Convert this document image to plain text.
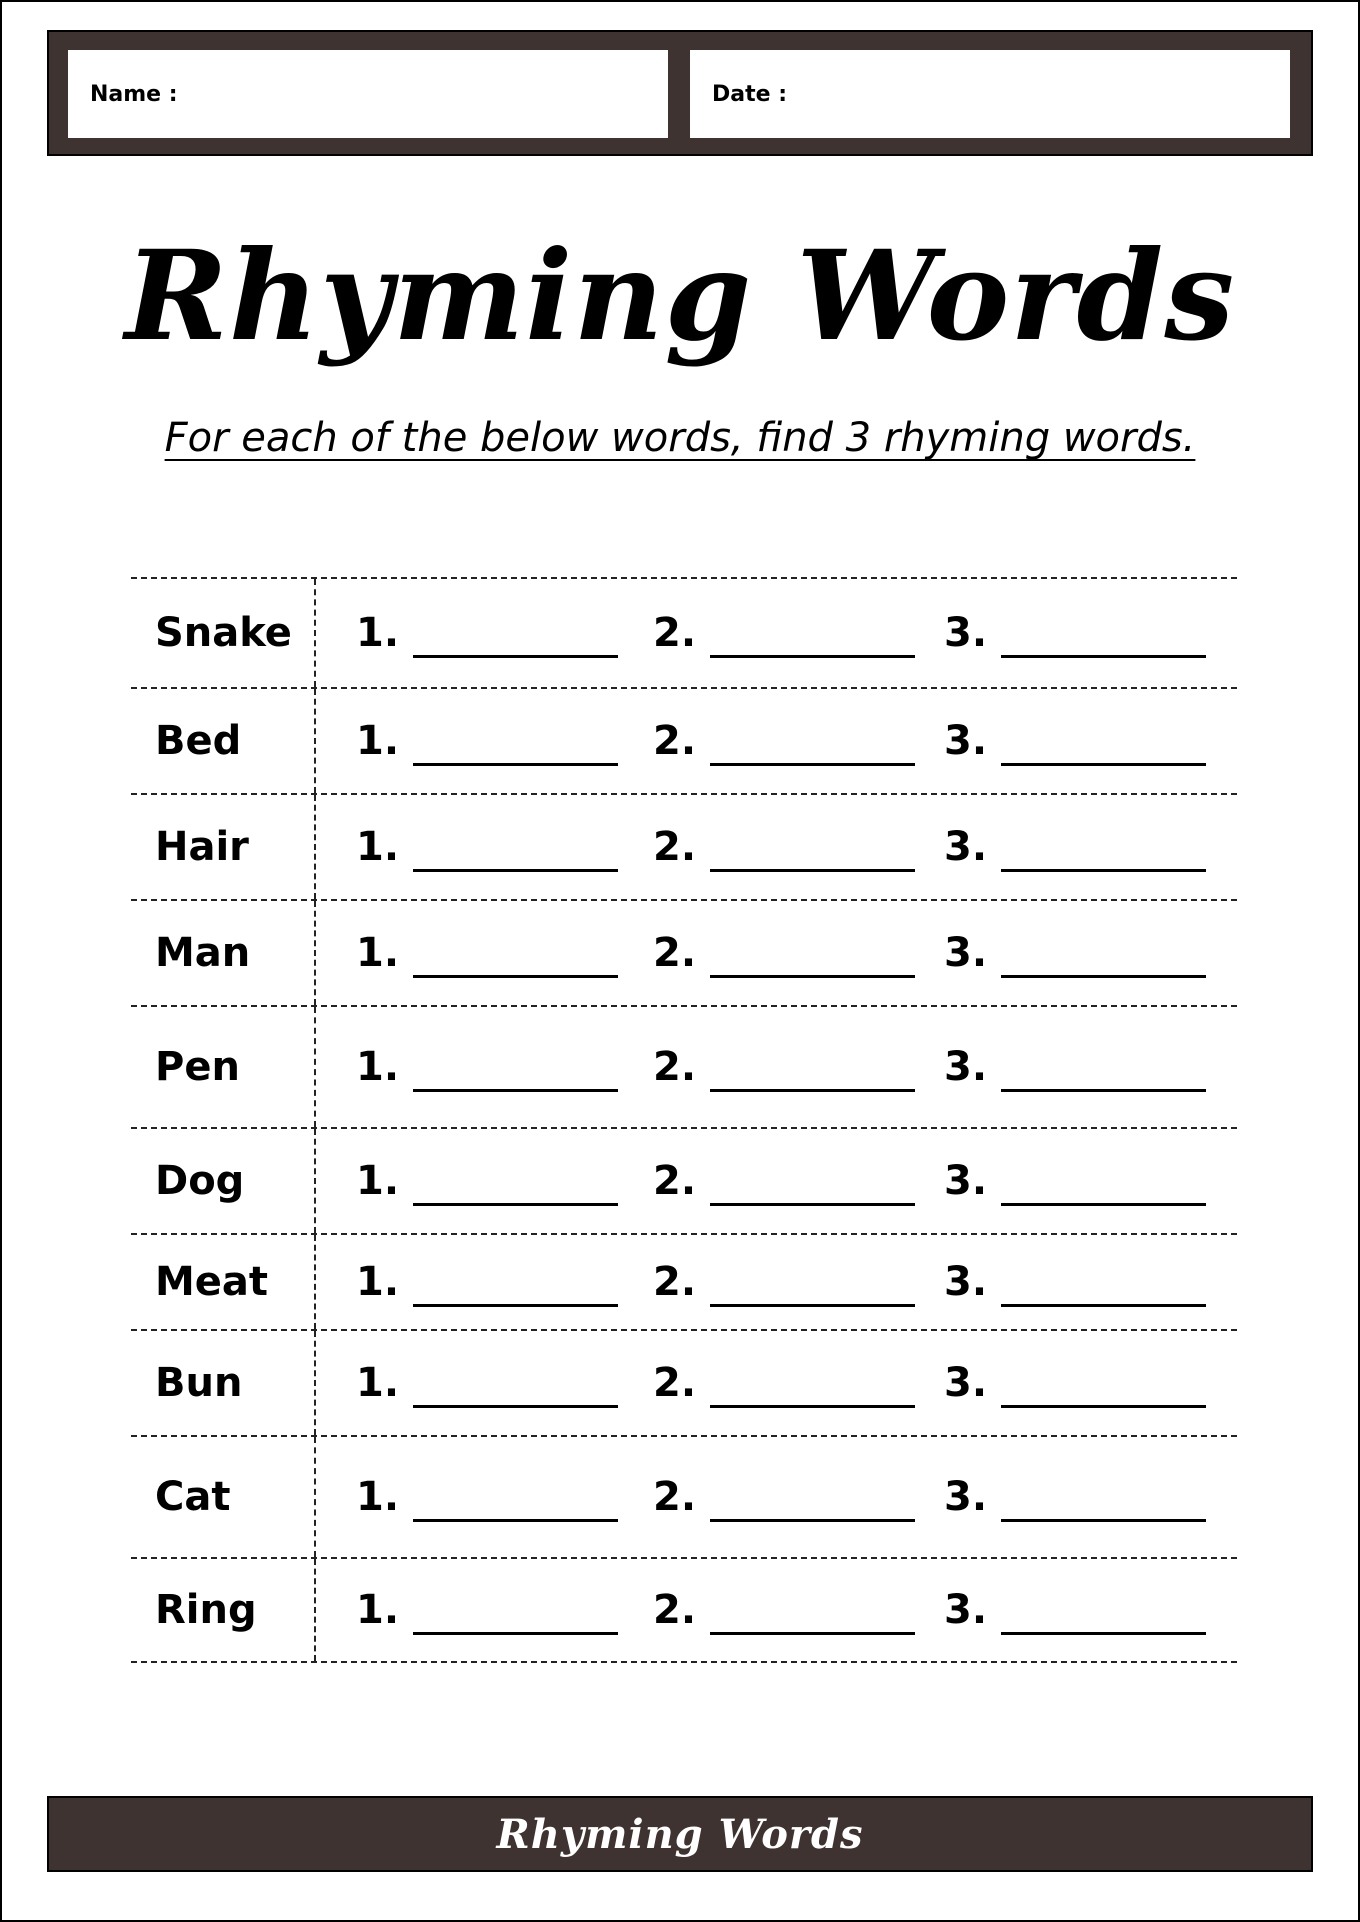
Name :	Date :
Rhyming Words
For each of the below words, find 3 rhyming words.
Snake 1.	2.	3.
Bed	1.	2.	3.
Hair	1.	2.	3.
Man	1.	2.	3.
Pen	1.	2.	3.
Dog	1.	2.	3.
Meat 1.	2.	3.
Bun	1.	2.	3.
Cat	1.	2.	3.
Ring 1.	2.	3.
Rhyming Words
